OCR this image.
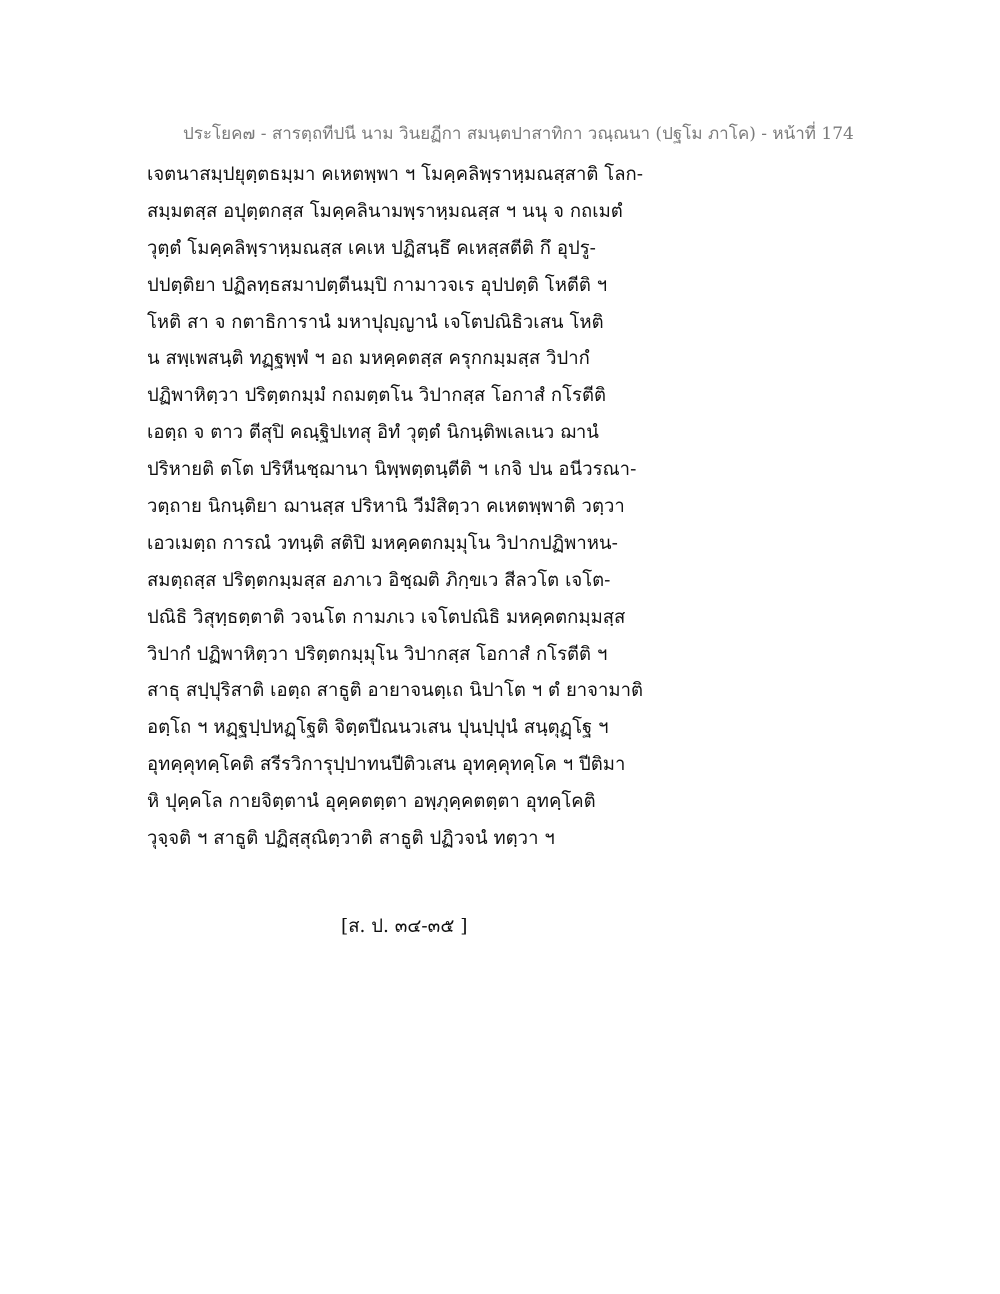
ประโยค๗ - สารตฺถทีปนี นาม วินยฏีกา สมนฺตปาสาทิกา วณฺณนา (ปฐโม ภาโค) - หน้าที่ 174
เจตนาสมฺปยุตฺตธมฺมา คเหตพฺพา ฯ โมคฺคลิพฺราหฺมณสฺสาติ โลก-
สมฺมตสฺส อปุตฺตกสฺส โมคฺคลินามพฺราหฺมณสฺส ฯ นนุ จ กถเมตํ
วุตฺตํ โมคฺคลิพฺราหฺมณสฺส เคเห ปฏิสนฺธึ คเหสฺสตีติ กึ อุปรู-
ปปตฺติยา ปฏิลทฺธสมาปตฺตีนมฺปิ กามาวจเร อุปปตฺติ โหตีติ ฯ
โหติ สา จ กตาธิการานํ มหาปุญฺญานํ เจโตปณิธิวเสน โหติ
น สพฺเพสนฺติ ทฏฺฐพฺพํ ฯ อถ มหคฺคตสฺส ครุกกมฺมสฺส วิปากํ
ปฏิพาหิตฺวา ปริตฺตกมฺมํ กถมตฺตโน วิปากสฺส โอกาสํ กโรตีติ
เอตฺถ จ ตาว ตีสุปิ คณฺฐิปเทสุ อิทํ วุตฺตํ นิกนฺติพเลเนว ฌานํ
ปริหายติ ตโต ปริหีนชฺฌานา นิพฺพตฺตนฺตีติ ฯ เกจิ ปน อนีวรณา-
วตฺถาย นิกนฺติยา ฌานสฺส ปริหานิ วีมํสิตฺวา คเหตพฺพาติ วตฺวา
เอวเมตฺถ การณํ วทนฺติ สติปิ มหคฺคตกมฺมุโน วิปากปฏิพาหน-
สมตฺถสฺส ปริตฺตกมฺมสฺส อภาเว อิชฺฌติ ภิกฺขเว สีลวโต เจโต-
ปณิธิ วิสุทฺธตฺตาติ วจนโต กามภเว เจโตปณิธิ มหคฺคตกมฺมสฺส
วิปากํ ปฏิพาหิตฺวา ปริตฺตกมฺมุโน วิปากสฺส โอกาสํ กโรตีติ ฯ
สาธุ สปฺปุริสาติ เอตฺถ สาธูติ อายาจนตฺเถ นิปาโต ฯ ตํ ยาจามาติ
อตฺโถ ฯ หฏฺฐปฺปหฏฺโฐติ จิตฺตปีณนวเสน ปุนปฺปุนํ สนฺตุฏฺโฐ ฯ
อุทคฺคุทคฺโคติ สรีรวิการุปฺปาทนปีติวเสน อุทคฺคุทคฺโค ฯ ปีติมา
หิ ปุคฺคโล กายจิตฺตานํ อุคฺคตตฺตา อพฺภุคฺคตตฺตา อุทคฺโคติ
วุจฺจติ ฯ สาธูติ ปฏิสฺสุณิตฺวาติ สาธูติ ปฏิวจนํ ทตฺวา ฯ
[ส. ป. ๓๔-๓๕ ]
